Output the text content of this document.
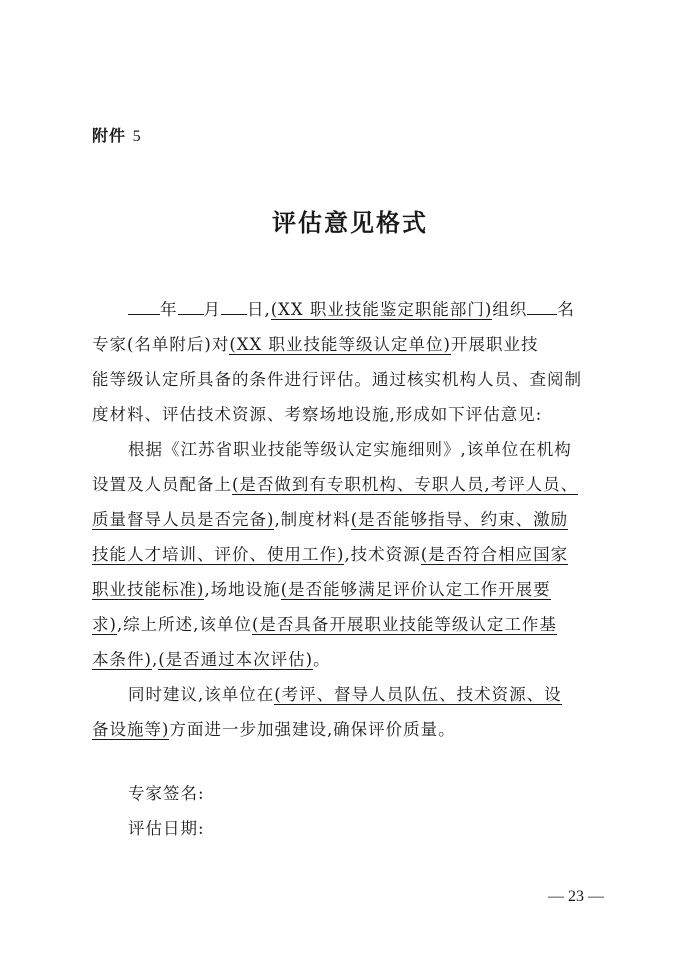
附件 5
评估意见格式
年 月 日,(XX 职业技能鉴定职能部门)组织 名
专家(名单附后)对(XX 职业技能等级认定单位)开展职业技
能等级认定所具备的条件进行评估。通过核实机构人员、查阅制
度材料、评估技术资源、考察场地设施,形成如下评估意见:
根据《江苏省职业技能等级认定实施细则》,该单位在机构
设置及人员配备上(是否做到有专职机构、专职人员,考评人员、
质量督导人员是否完备),制度材料(是否能够指导、约束、激励
技能人才培训、评价、使用工作),技术资源(是否符合相应国家
职业技能标准),场地设施(是否能够满足评价认定工作开展要
求),综上所述,该单位(是否具备开展职业技能等级认定工作基
本条件),(是否通过本次评估)。
同时建议,该单位在(考评、督导人员队伍、技术资源、设
备设施等)方面进一步加强建设,确保评价质量。
专家签名:
评估日期:
— 23 —
